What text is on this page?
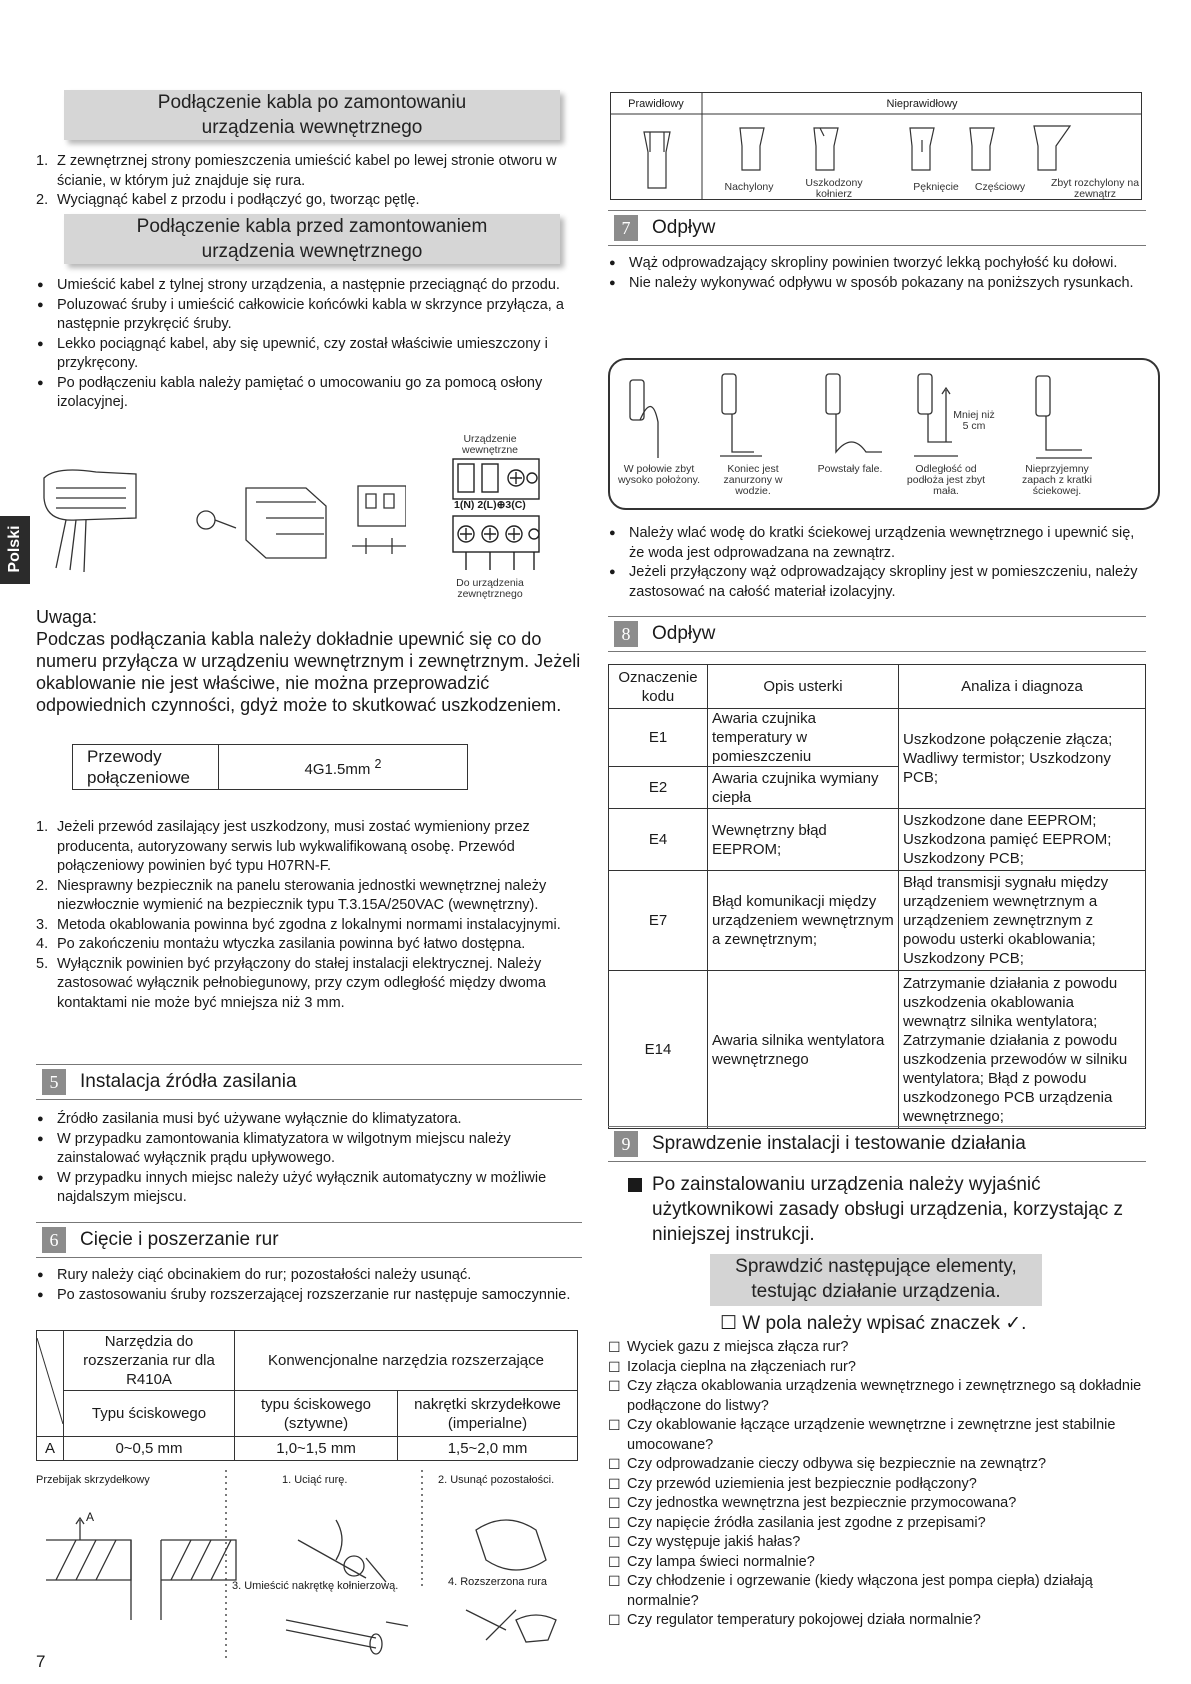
Podłączenie kabla po zamontowaniu
urządzenia wewnętrznego
1. Z zewnętrznej strony pomieszczenia umieścić kabel po lewej stronie otworu w ścianie, w którym już znajduje się rura.
2. Wyciągnąć kabel z przodu i podłączyć go, tworząc pętlę.
Podłączenie kabla przed zamontowaniem
urządzenia wewnętrznego
● Umieścić kabel z tylnej strony urządzenia, a następnie przeciągnąć do przodu.
● Poluzować śruby i umieścić całkowicie końcówki kabla w skrzynce przyłącza, a następnie przykręcić śruby.
● Lekko pociągnąć kabel, aby się upewnić, czy został właściwie umieszczony i przykręcony.
● Po podłączeniu kabla należy pamiętać o umocowaniu go za pomocą osłony izolacyjnej.
Polski
Urządzenie wewnętrzne
1(N) 2(L)⊕3(C)
Do urządzenia zewnętrznego
Uwaga:
Podczas podłączania kabla należy dokładnie upewnić się co do numeru przyłącza w urządzeniu wewnętrznym i zewnętrznym. Jeżeli okablowanie nie jest właściwe, nie można przeprowadzić odpowiednich czynności, gdyż może to skutkować uszkodzeniem.
Przewody
połączeniowe	4G1.5mm $^2$
1. Jeżeli przewód zasilający jest uszkodzony, musi zostać wymieniony przez producenta, autoryzowany serwis lub wykwalifikowaną osobę. Przewód połączeniowy powinien być typu H07RN-F.
2. Niesprawny bezpiecznik na panelu sterowania jednostki wewnętrznej należy niezwłocznie wymienić na bezpiecznik typu T.3.15A/250VAC (wewnętrzny).
3. Metoda okablowania powinna być zgodna z lokalnymi normami instalacyjnymi.
4. Po zakończeniu montażu wtyczka zasilania powinna być łatwo dostępna.
5. Wyłącznik powinien być przyłączony do stałej instalacji elektrycznej. Należy zastosować wyłącznik pełnobiegunowy, przy czym odległość między dwoma kontaktami nie może być mniejsza niż 3 mm.
5	Instalacja źródła zasilania
● Źródło zasilania musi być używane wyłącznie do klimatyzatora.
● W przypadku zamontowania klimatyzatora w wilgotnym miejscu należy zainstalować wyłącznik prądu upływowego.
● W przypadku innych miejsc należy użyć wyłącznik automatyczny w możliwie najdalszym miejscu.
6	Cięcie i poszerzanie rur
● Rury należy ciąć obcinakiem do rur; pozostałości należy usunąć.
● Po zastosowaniu śruby rozszerzającej rozszerzanie rur następuje samoczynnie.
	Narzędzia do rozszerzania rur dla R410A	Konwencjonalne narzędzia rozszerzające	
	Typu ściskowego	typu ściskowego (sztywne)	nakrętki skrzydełkowe (imperialne)
A	0~0,5 mm	1,0~1,5 mm	1,5~2,0 mm
Przebijak skrzydełkowy	1. Uciąć rurę.	2. Usunąć pozostałości.
3. Umieścić nakrętkę kołnierzową.	4. Rozszerzona rura
A
7
Prawidłowy	Nieprawidłowy
Nachylony	Uszkodzony kołnierz
Pęknięcie	Częściowy	Zbyt rozchylony na zewnątrz
7	Odpływ
● Wąż odprowadzający skropliny powinien tworzyć lekką pochyłość ku dołowi.
● Nie należy wykonywać odpływu w sposób pokazany na poniższych rysunkach.
Mniej niż 5 cm
W połowie zbyt wysoko położony.
Koniec jest zanurzony w wodzie.
Powstały fale.	Odległość od podłoża jest zbyt mała.
Nieprzyjemny zapach z kratki ściekowej.
● Należy wlać wodę do kratki ściekowej urządzenia wewnętrznego i upewnić się, że woda jest odprowadzana na zewnątrz.
● Jeżeli przyłączony wąż odprowadzający skropliny jest w pomieszczeniu, należy zastosować na całość materiał izolacyjny.
8	Odpływ
Oznaczenie kodu	Opis usterki	Analiza i diagnoza
E1	Awaria czujnika temperatury w pomieszczeniu	Uszkodzone połączenie złącza; Wadliwy termistor; Uszkodzony PCB;
E2	Awaria czujnika wymiany ciepła	
E4	Wewnętrzny błąd EEPROM;	Uszkodzone dane EEPROM; Uszkodzona pamięć EEPROM; Uszkodzony PCB;
E7	Błąd komunikacji między urządzeniem wewnętrznym a zewnętrznym;	Błąd transmisji sygnału między urządzeniem wewnętrznym a urządzeniem zewnętrznym z powodu usterki okablowania; Uszkodzony PCB;
E14	Awaria silnika wentylatora wewnętrznego	Zatrzymanie działania z powodu uszkodzenia okablowania wewnątrz silnika wentylatora; Zatrzymanie działania z powodu uszkodzenia przewodów w silniku wentylatora; Błąd z powodu uszkodzonego PCB urządzenia wewnętrznego;
9	Sprawdzenie instalacji i testowanie działania
Po zainstalowaniu urządzenia należy wyjaśnić użytkownikowi zasady obsługi urządzenia, korzystając z niniejszej instrukcji.
Sprawdzić następujące elementy,
testując działanie urządzenia.
☐ W pola należy wpisać znaczek ✓.
☐ Wyciek gazu z miejsca złącza rur?
☐ Izolacja cieplna na złączeniach rur?
☐ Czy złącza okablowania urządzenia wewnętrznego i zewnętrznego są dokładnie podłączone do listwy?
☐ Czy okablowanie łączące urządzenie wewnętrzne i zewnętrzne jest stabilnie umocowane?
☐ Czy odprowadzanie cieczy odbywa się bezpiecznie na zewnątrz?
☐ Czy przewód uziemienia jest bezpiecznie podłączony?
☐ Czy jednostka wewnętrzna jest bezpiecznie przymocowana?
☐ Czy napięcie źródła zasilania jest zgodne z przepisami?
☐ Czy występuje jakiś hałas?
☐ Czy lampa świeci normalnie?
☐ Czy chłodzenie i ogrzewanie (kiedy włączona jest pompa ciepła) działają normalnie?
☐ Czy regulator temperatury pokojowej działa normalnie?
